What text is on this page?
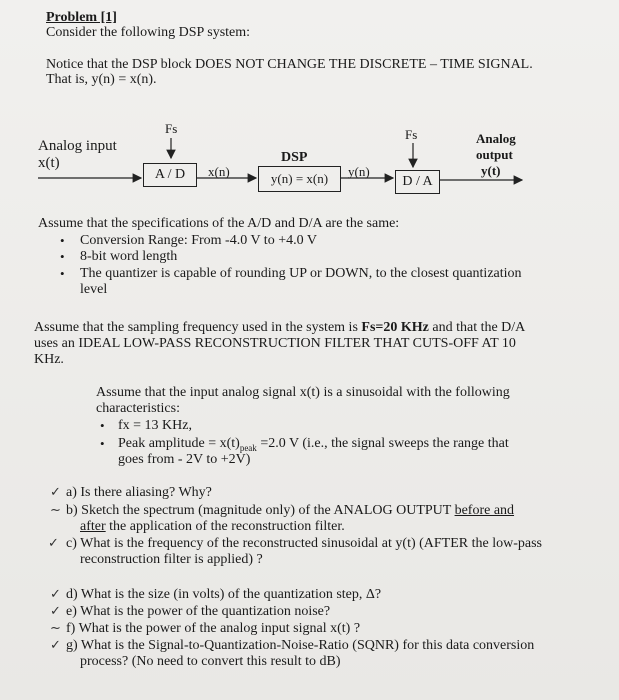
Problem [1]
Consider the following DSP system:
Notice that the DSP block DOES NOT CHANGE THE DISCRETE – TIME SIGNAL.
That is, y(n) = x(n).
Analog input
x(t)
Fs	Fs
A / D	x(n)
DSP
y(n) = x(n)	y(n)
D / A
Analog
output
y(t)
Assume that the specifications of the A/D and D/A are the same:
• Conversion Range: From -4.0 V to +4.0 V
• 8-bit word length
• The quantizer is capable of rounding UP or DOWN, to the closest quantization
level
Assume that the sampling frequency used in the system is Fs=20 KHz and that the D/A
uses an IDEAL LOW-PASS RECONSTRUCTION FILTER THAT CUTS-OFF AT 10
KHz.
Assume that the input analog signal x(t) is a sinusoidal with the following
characteristics:
• fx = 13 KHz,
• Peak amplitude = $x(t)_{peak} =2.0$ V (i.e., the signal sweeps the range that
goes from - 2V to +2V)
✓ a) Is there aliasing? Why?
~ b) Sketch the spectrum (magnitude only) of the ANALOG OUTPUT before and
after the application of the reconstruction filter.
✓ c) What is the frequency of the reconstructed sinusoidal at y(t) (AFTER the low-pass
reconstruction filter is applied) ?
✓ d) What is the size (in volts) of the quantization step, Δ?
✓ e) What is the power of the quantization noise?
~ f) What is the power of the analog input signal x(t) ?
✓ g) What is the Signal-to-Quantization-Noise-Ratio (SQNR) for this data conversion
process? (No need to convert this result to dB)
